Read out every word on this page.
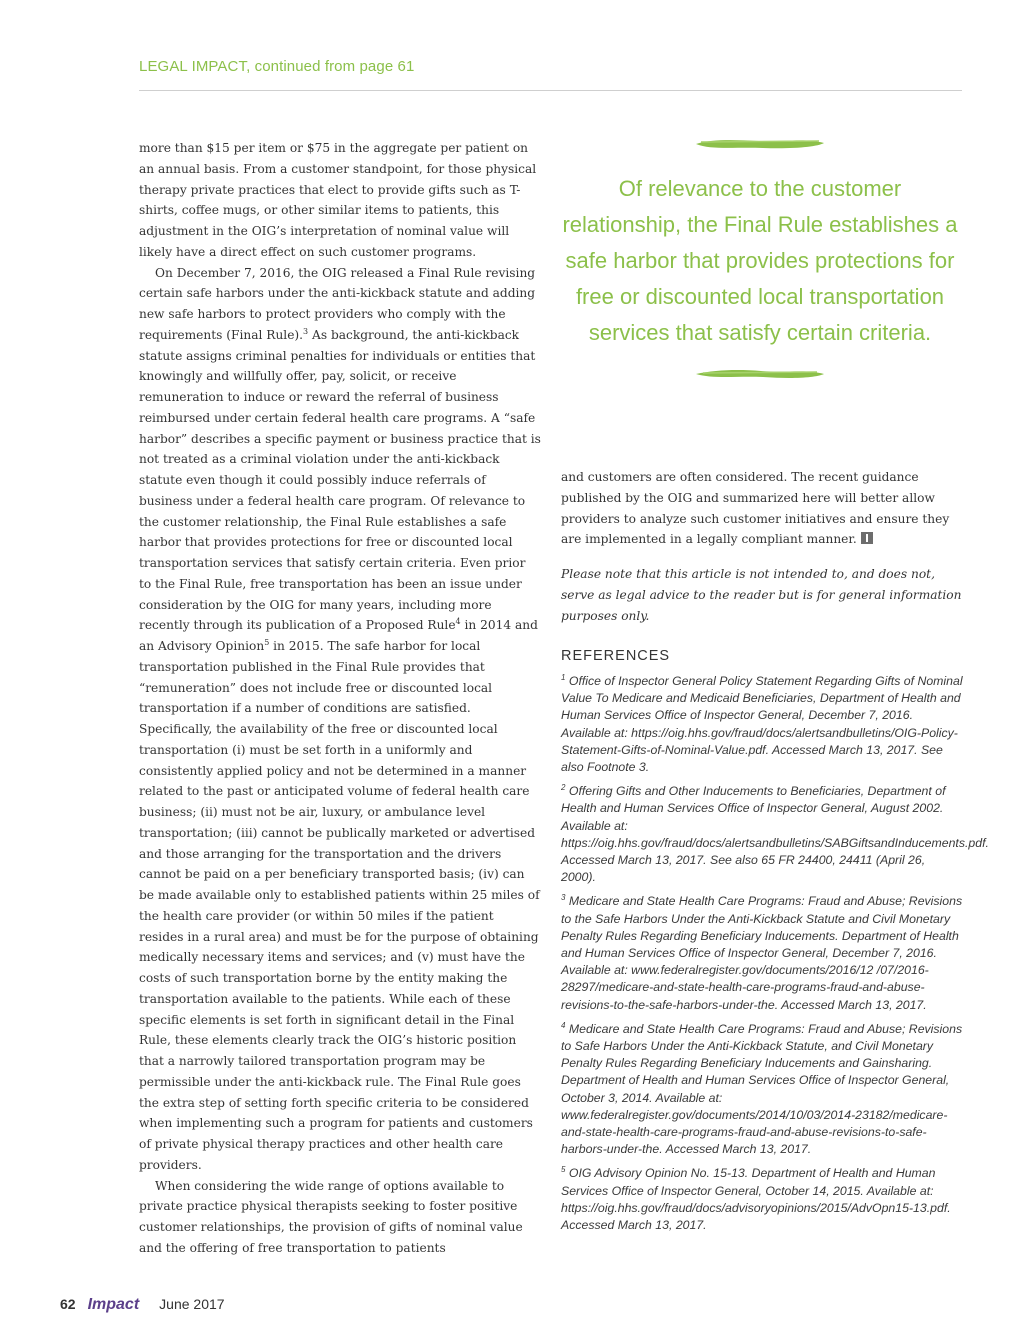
LEGAL IMPACT, continued from page 61

more than $15 per item or $75 in the aggregate per patient on an annual basis. From a customer standpoint, for those physical therapy private practices that elect to provide gifts such as T-shirts, coffee mugs, or other similar items to patients, this adjustment in the OIG’s interpretation of nominal value will likely have a direct effect on such customer programs.

On December 7, 2016, the OIG released a Final Rule revising certain safe harbors under the anti-kickback statute and adding new safe harbors to protect providers who comply with the requirements (Final Rule).$^3$ As background, the anti-kickback statute assigns criminal penalties for individuals or entities that knowingly and willfully offer, pay, solicit, or receive remuneration to induce or reward the referral of business reimbursed under certain federal health care programs. A “safe harbor” describes a specific payment or business practice that is not treated as a criminal violation under the anti-kickback statute even though it could possibly induce referrals of business under a federal health care program. Of relevance to the customer relationship, the Final Rule establishes a safe harbor that provides protections for free or discounted local transportation services that satisfy certain criteria. Even prior to the Final Rule, free transportation has been an issue under consideration by the OIG for many years, including more recently through its publication of a Proposed Rule$^4$ in 2014 and an Advisory Opinion$^5$ in 2015. The safe harbor for local transportation published in the Final Rule provides that “remuneration” does not include free or discounted local transportation if a number of conditions are satisfied. Specifically, the availability of the free or discounted local transportation (i) must be set forth in a uniformly and consistently applied policy and not be determined in a manner related to the past or anticipated volume of federal health care business; (ii) must not be air, luxury, or ambulance level transportation; (iii) cannot be publically marketed or advertised and those arranging for the transportation and the drivers cannot be paid on a per beneficiary transported basis; (iv) can be made available only to established patients within 25 miles of the health care provider (or within 50 miles if the patient resides in a rural area) and must be for the purpose of obtaining medically necessary items and services; and (v) must have the costs of such transportation borne by the entity making the transportation available to the patients. While each of these specific elements is set forth in significant detail in the Final Rule, these elements clearly track the OIG’s historic position that a narrowly tailored transportation program may be permissible under the anti-kickback rule. The Final Rule goes the extra step of setting forth specific criteria to be considered when implementing such a program for patients and customers of private physical therapy practices and other health care providers.

When considering the wide range of options available to private practice physical therapists seeking to foster positive customer relationships, the provision of gifts of nominal value and the offering of free transportation to patients

Of relevance to the customer relationship, the Final Rule establishes a safe harbor that provides protections for free or discounted local transportation services that satisfy certain criteria.

and customers are often considered. The recent guidance published by the OIG and summarized here will better allow providers to analyze such customer initiatives and ensure they are implemented in a legally compliant manner.

Please note that this article is not intended to, and does not, serve as legal advice to the reader but is for general information purposes only.

REFERENCES

$^1$ Office of Inspector General Policy Statement Regarding Gifts of Nominal Value To Medicare and Medicaid Beneficiaries, Department of Health and Human Services Office of Inspector General, December 7, 2016. Available at: https://oig.hhs.gov/fraud/docs/alertsandbulletins/OIG-Policy-Statement-Gifts-of-Nominal-Value.pdf. Accessed March 13, 2017. See also Footnote 3.
$^2$ Offering Gifts and Other Inducements to Beneficiaries, Department of Health and Human Services Office of Inspector General, August 2002. Available at: https://oig.hhs.gov/fraud/docs/alertsandbulletins/SABGiftsandInducements.pdf. Accessed March 13, 2017. See also 65 FR 24400, 24411 (April 26, 2000).
$^3$ Medicare and State Health Care Programs: Fraud and Abuse; Revisions to the Safe Harbors Under the Anti-Kickback Statute and Civil Monetary Penalty Rules Regarding Beneficiary Inducements. Department of Health and Human Services Office of Inspector General, December 7, 2016. Available at: www.federalregister.gov/documents/2016/12 /07/2016-28297/medicare-and-state-health-care-programs-fraud-and-abuse-revisions-to-the-safe-harbors-under-the. Accessed March 13, 2017.
$^4$ Medicare and State Health Care Programs: Fraud and Abuse; Revisions to Safe Harbors Under the Anti-Kickback Statute, and Civil Monetary Penalty Rules Regarding Beneficiary Inducements and Gainsharing. Department of Health and Human Services Office of Inspector General, October 3, 2014. Available at: www.federalregister.gov/documents/2014/10/03/2014-23182/medicare-and-state-health-care-programs-fraud-and-abuse-revisions-to-safe-harbors-under-the. Accessed March 13, 2017.
$^5$ OIG Advisory Opinion No. 15-13. Department of Health and Human Services Office of Inspector General, October 14, 2015. Available at: https://oig.hhs.gov/fraud/docs/advisoryopinions/2015/AdvOpn15-13.pdf. Accessed March 13, 2017.
62 Impact June 2017
